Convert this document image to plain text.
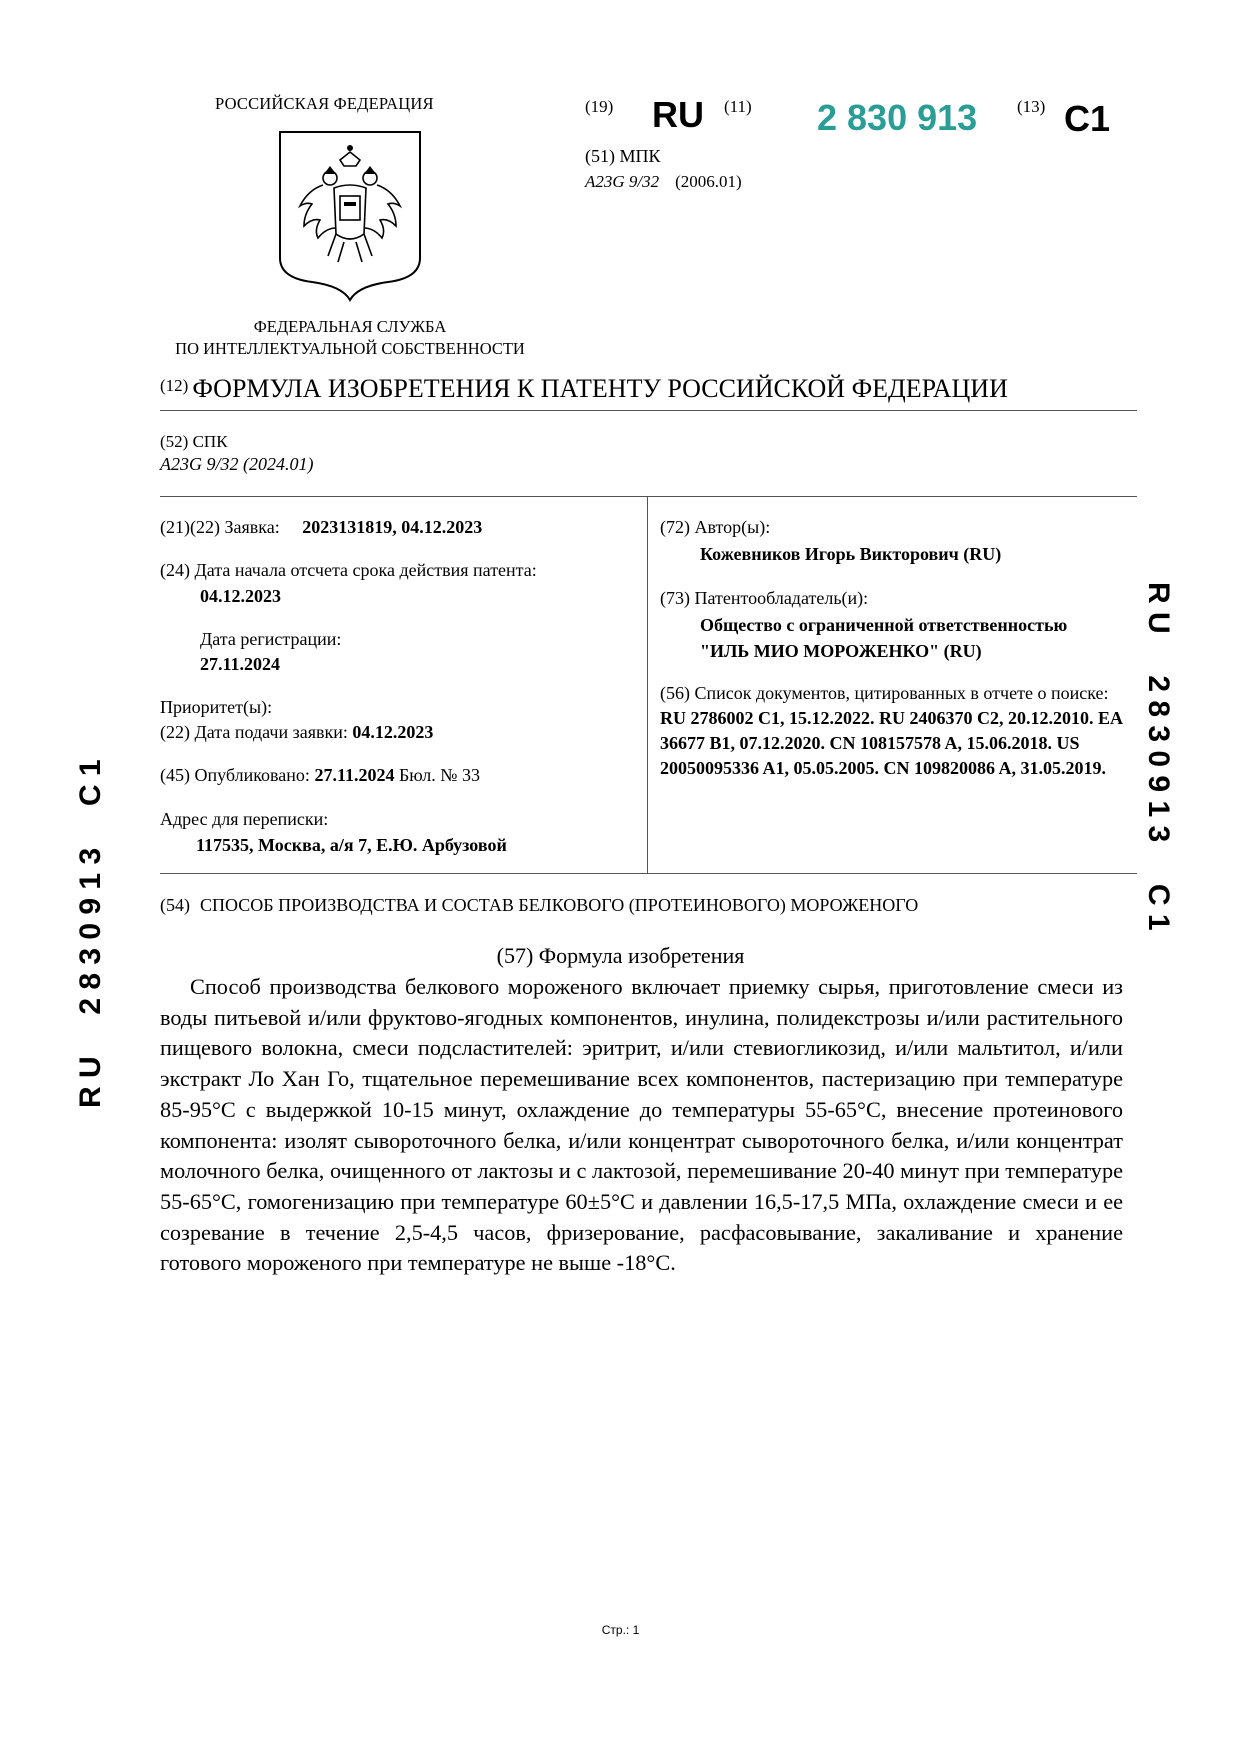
РОССИЙСКАЯ ФЕДЕРАЦИЯ
ФЕДЕРАЛЬНАЯ СЛУЖБА
ПО ИНТЕЛЛЕКТУАЛЬНОЙ СОБСТВЕННОСТИ
(19) RU (11) 2 830 913 (13) C1
(51) МПК
A23G 9/32 (2006.01)
(12) ФОРМУЛА ИЗОБРЕТЕНИЯ К ПАТЕНТУ РОССИЙСКОЙ ФЕДЕРАЦИИ
(52) СПК
A23G 9/32 (2024.01)
(21)(22) Заявка: 2023131819, 04.12.2023
(24) Дата начала отсчета срока действия патента:
04.12.2023
Дата регистрации:
27.11.2024
Приоритет(ы):
(22) Дата подачи заявки: 04.12.2023
(45) Опубликовано: 27.11.2024 Бюл. № 33
Адрес для переписки:
117535, Москва, а/я 7, Е.Ю. Арбузовой
(72) Автор(ы):
Кожевников Игорь Викторович (RU)
(73) Патентообладатель(и):
Общество с ограниченной ответственностью
"ИЛЬ МИО МОРОЖЕНКО" (RU)
(56) Список документов, цитированных в отчете о поиске: RU 2786002 C1, 15.12.2022. RU 2406370 C2, 20.12.2010. EA 36677 B1, 07.12.2020. CN 108157578 A, 15.06.2018. US 20050095336 A1, 05.05.2005. CN 109820086 A, 31.05.2019.
(54) СПОСОБ ПРОИЗВОДСТВА И СОСТАВ БЕЛКОВОГО (ПРОТЕИНОВОГО) МОРОЖЕНОГО
(57) Формула изобретения

Способ производства белкового мороженого включает приемку сырья, приготовление смеси из воды питьевой и/или фруктово-ягодных компонентов, инулина, полидекстрозы и/или растительного пищевого волокна, смеси подсластителей: эритрит, и/или стевиогликозид, и/или мальтитол, и/или экстракт Ло Хан Го, тщательное перемешивание всех компонентов, пастеризацию при температуре 85-95°С с выдержкой 10-15 минут, охлаждение до температуры 55-65°С, внесение протеинового компонента: изолят сывороточного белка, и/или концентрат сывороточного белка, и/или концентрат молочного белка, очищенного от лактозы и с лактозой, перемешивание 20-40 минут при температуре 55-65°С, гомогенизацию при температуре 60±5°С и давлении 16,5-17,5 МПа, охлаждение смеси и ее созревание в течение 2,5-4,5 часов, фризерование, расфасовывание, закаливание и хранение готового мороженого при температуре не выше -18°С.

R U     2 8 3 0 9 1 3     C 1
R U     2 8 3 0 9 1 3     C 1
Стр.: 1
